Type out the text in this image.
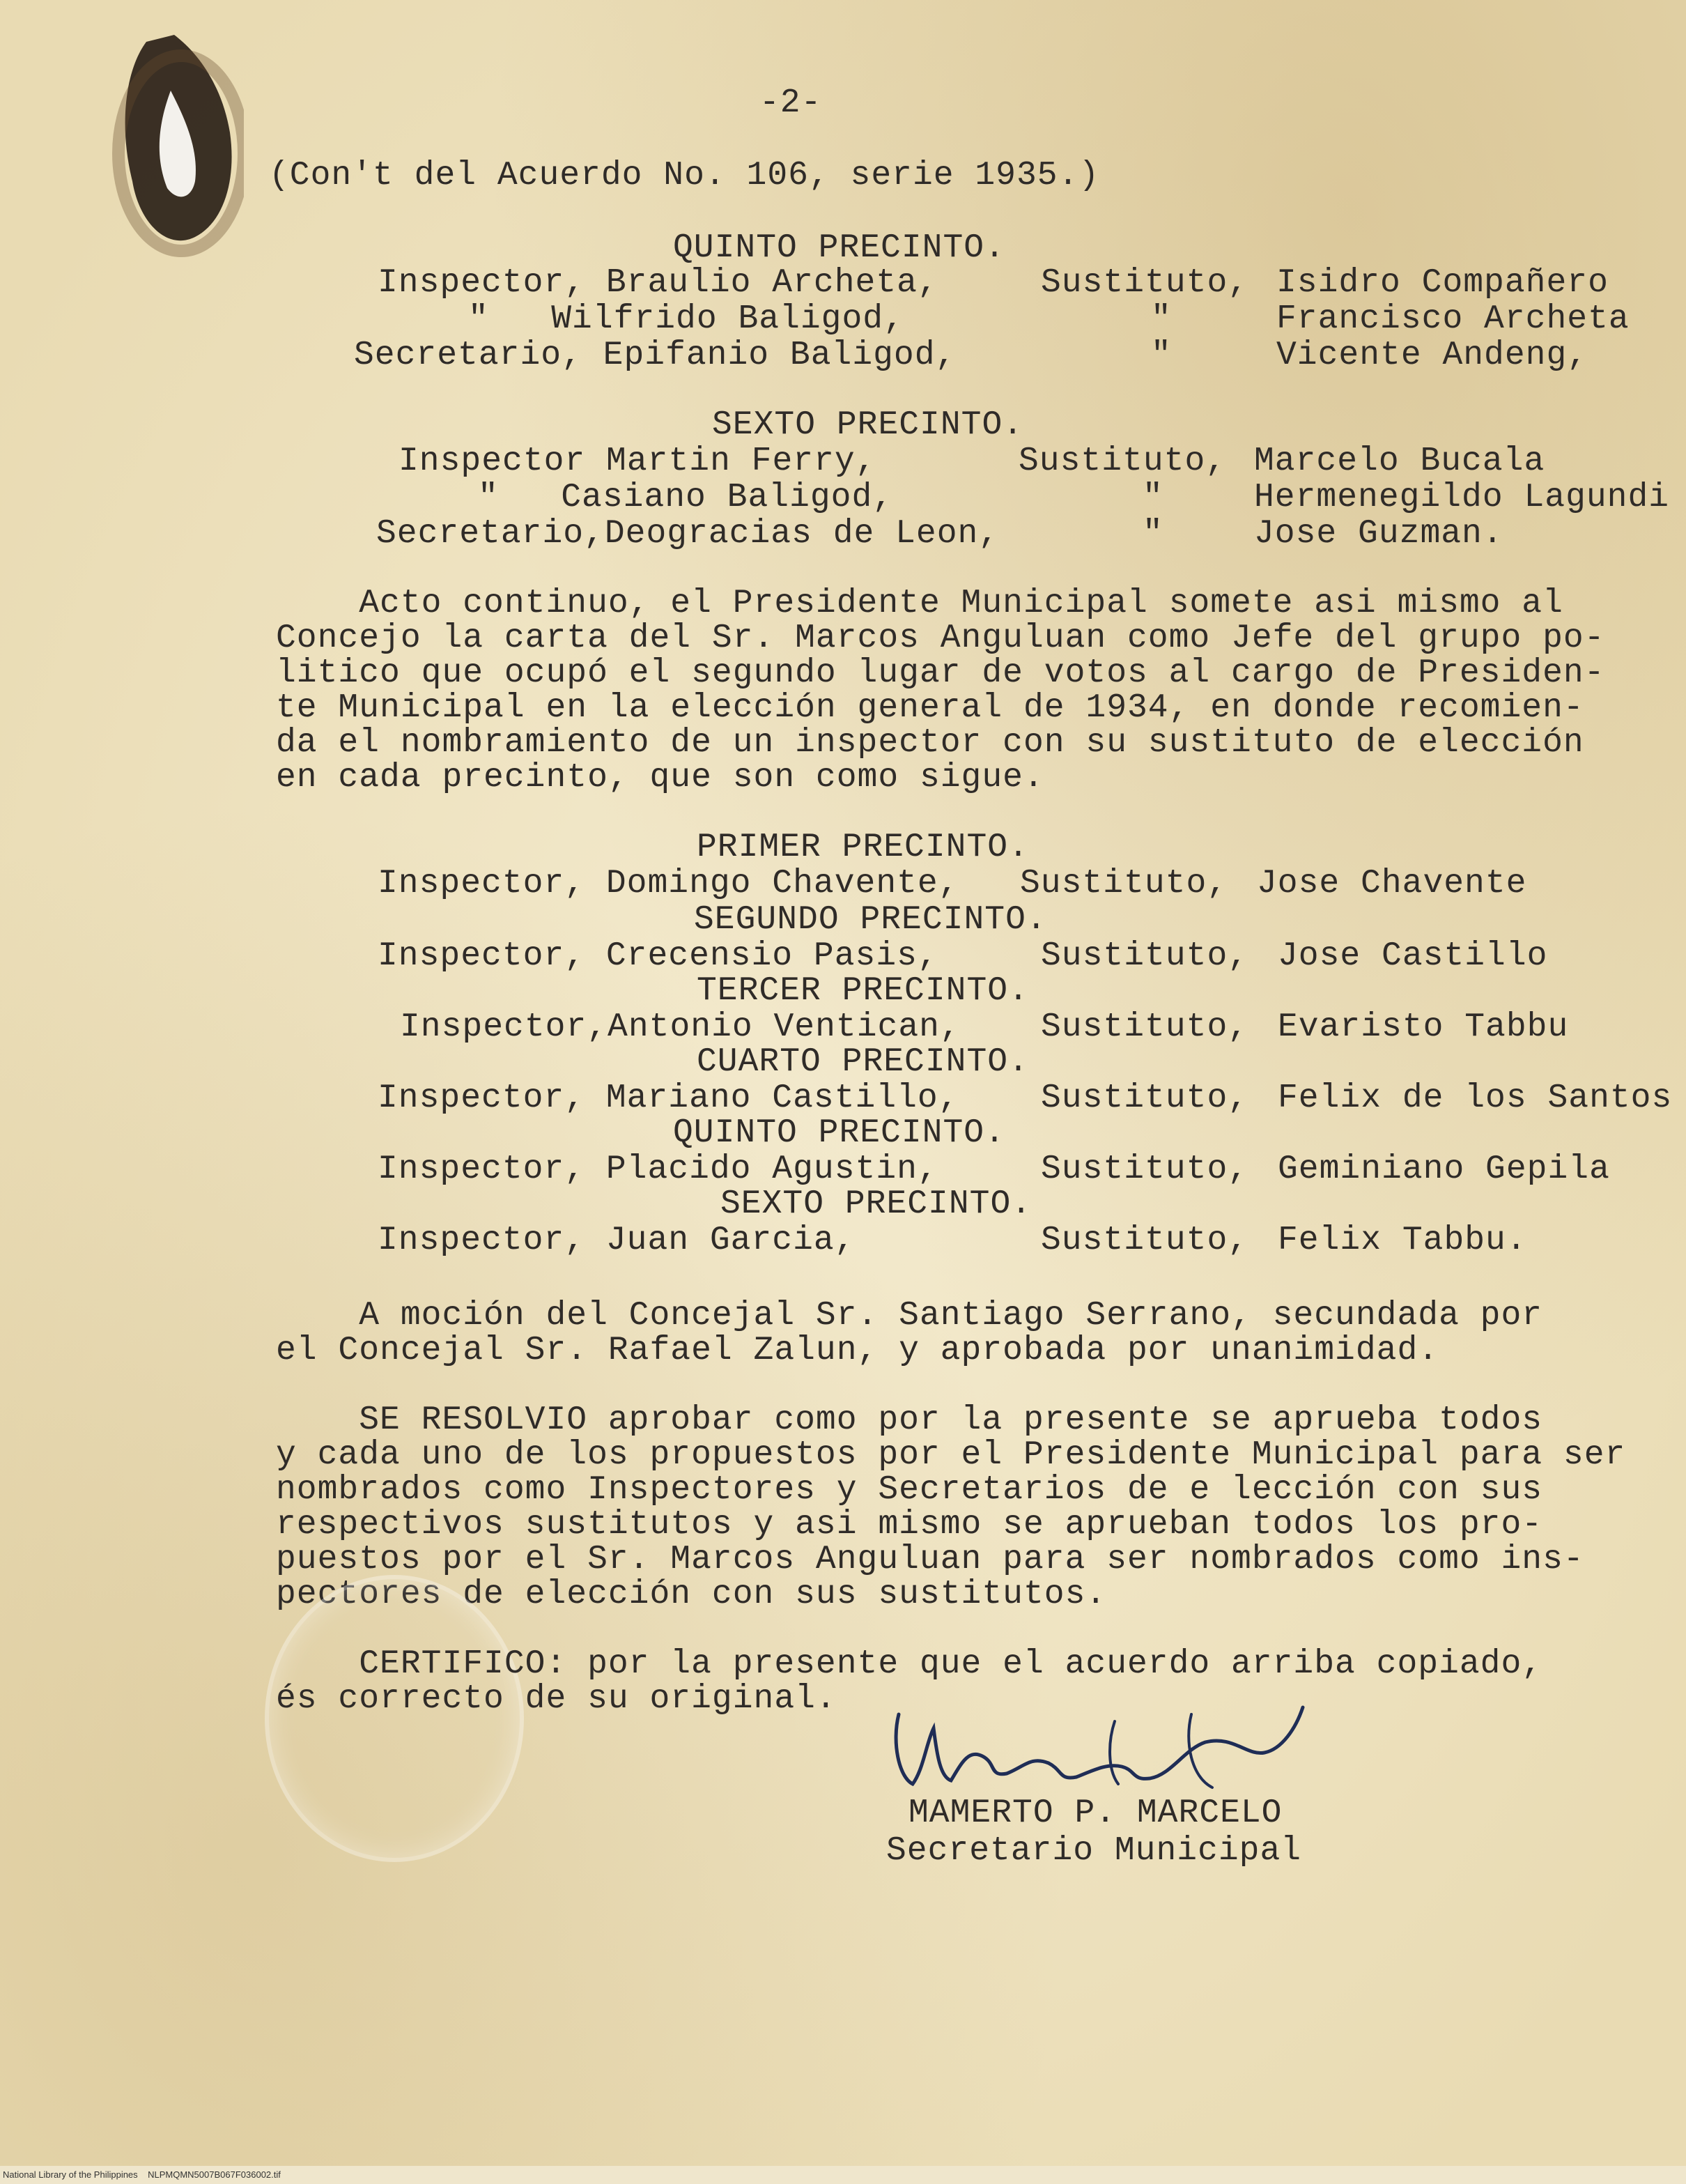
-2-
(Con't del Acuerdo No. 106, serie 1935.)
QUINTO PRECINTO.
Inspector, Braulio Archeta,	Sustituto, Isidro Compañero
"   Wilfrido Baligod,	"	Francisco Archeta
Secretario, Epifanio Baligod,	"	Vicente Andeng,
SEXTO PRECINTO.
Inspector Martin Ferry,	Sustituto, Marcelo Bucala
"   Casiano Baligod,	"	Hermenegildo Lagundi
Secretario,Deogracias de Leon,	"	Jose Guzman.
Acto continuo, el Presidente Municipal somete asi mismo al
Concejo la carta del Sr. Marcos Anguluan como Jefe del grupo po-
litico que ocupó el segundo lugar de votos al cargo de Presiden-
te Municipal en la elección general de 1934, en donde recomien-
da el nombramiento de un inspector con su sustituto de elección
en cada precinto, que son como sigue.
PRIMER PRECINTO.
Inspector, Domingo Chavente, Sustituto, Jose Chavente
SEGUNDO PRECINTO.
Inspector, Crecensio Pasis,	Sustituto, Jose Castillo
TERCER PRECINTO.
Inspector,Antonio Ventican, Sustituto, Evaristo Tabbu
CUARTO PRECINTO.
Inspector, Mariano Castillo, Sustituto, Felix de los Santos
QUINTO PRECINTO.
Inspector, Placido Agustin,	Sustituto, Geminiano Gepila
SEXTO PRECINTO.
Inspector, Juan Garcia,	Sustituto, Felix Tabbu.
A moción del Concejal Sr. Santiago Serrano, secundada por
el Concejal Sr. Rafael Zalun, y aprobada por unanimidad.
SE RESOLVIO aprobar como por la presente se aprueba todos
y cada uno de los propuestos por el Presidente Municipal para ser
nombrados como Inspectores y Secretarios de e lección con sus
respectivos sustitutos y asi mismo se aprueban todos los pro-
puestos por el Sr. Marcos Anguluan para ser nombrados como ins-
pectores de elección con sus sustitutos.
CERTIFICO: por la presente que el acuerdo arriba copiado,
és correcto de su original.
MAMERTO P. MARCELO
Secretario Municipal
National Library of the Philippines    NLPMQMN5007B067F036002.tif
